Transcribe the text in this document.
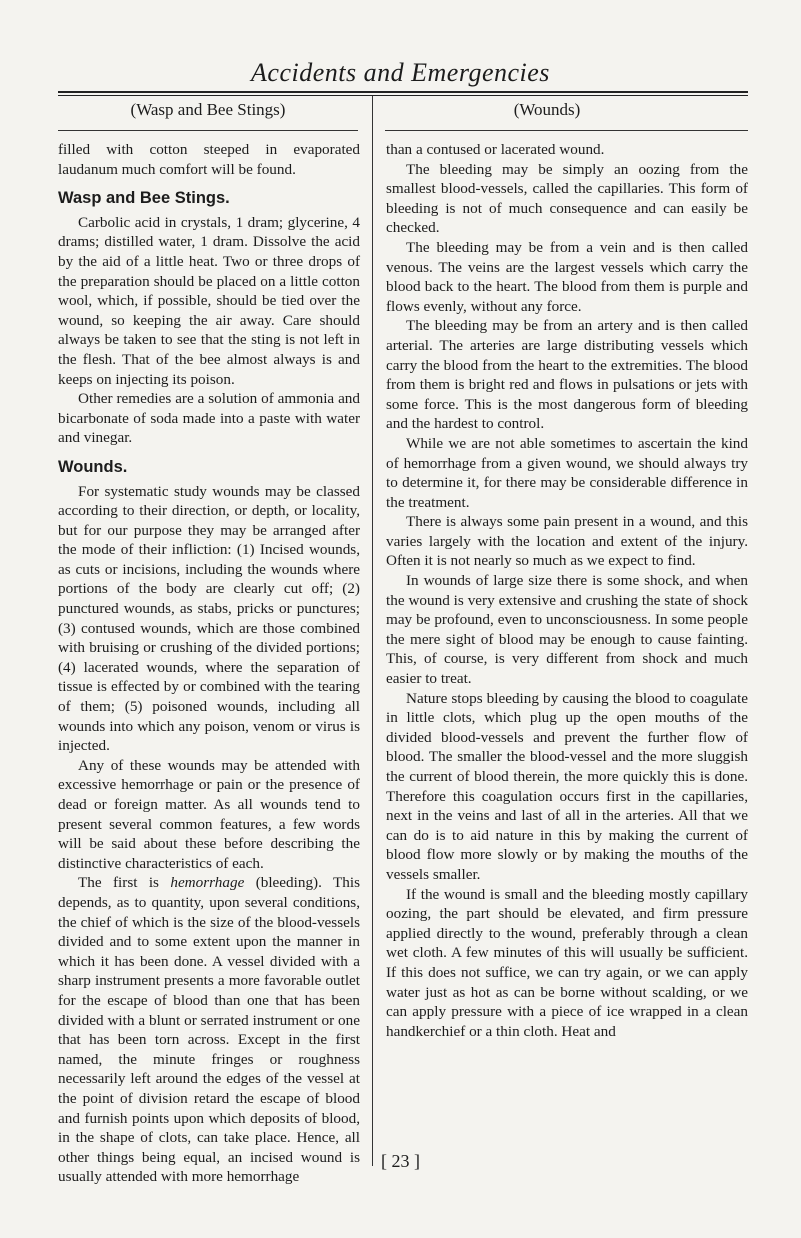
Accidents and Emergencies
(Wasp and Bee Stings)	(Wounds)

filled with cotton steeped in evaporated laudanum much comfort will be found.

Wasp and Bee Stings.

Carbolic acid in crystals, 1 dram; glycerine, 4 drams; distilled water, 1 dram. Dissolve the acid by the aid of a little heat. Two or three drops of the preparation should be placed on a little cotton wool, which, if possible, should be tied over the wound, so keeping the air away. Care should always be taken to see that the sting is not left in the flesh. That of the bee almost always is and keeps on injecting its poison.

Other remedies are a solution of ammonia and bicarbonate of soda made into a paste with water and vinegar.

Wounds.

For systematic study wounds may be classed according to their direction, or depth, or locality, but for our purpose they may be arranged after the mode of their infliction: (1) Incised wounds, as cuts or incisions, including the wounds where portions of the body are clearly cut off; (2) punctured wounds, as stabs, pricks or punctures; (3) contused wounds, which are those combined with bruising or crushing of the divided portions; (4) lacerated wounds, where the separation of tissue is effected by or combined with the tearing of them; (5) poisoned wounds, including all wounds into which any poison, venom or virus is injected.

Any of these wounds may be attended with excessive hemorrhage or pain or the presence of dead or foreign matter. As all wounds tend to present several common features, a few words will be said about these before describing the distinctive characteristics of each.

The first is hemorrhage (bleeding). This depends, as to quantity, upon several conditions, the chief of which is the size of the blood-vessels divided and to some extent upon the manner in which it has been done. A vessel divided with a sharp instrument presents a more favorable outlet for the escape of blood than one that has been divided with a blunt or serrated instrument or one that has been torn across. Except in the first named, the minute fringes or roughness necessarily left around the edges of the vessel at the point of division retard the escape of blood and furnish points upon which deposits of blood, in the shape of clots, can take place. Hence, all other things being equal, an incised wound is usually attended with more hemorrhage

than a contused or lacerated wound.

The bleeding may be simply an oozing from the smallest blood-vessels, called the capillaries. This form of bleeding is not of much consequence and can easily be checked.

The bleeding may be from a vein and is then called venous. The veins are the largest vessels which carry the blood back to the heart. The blood from them is purple and flows evenly, without any force.

The bleeding may be from an artery and is then called arterial. The arteries are large distributing vessels which carry the blood from the heart to the extremities. The blood from them is bright red and flows in pulsations or jets with some force. This is the most dangerous form of bleeding and the hardest to control.

While we are not able sometimes to ascertain the kind of hemorrhage from a given wound, we should always try to determine it, for there may be considerable difference in the treatment.

There is always some pain present in a wound, and this varies largely with the location and extent of the injury. Often it is not nearly so much as we expect to find.

In wounds of large size there is some shock, and when the wound is very extensive and crushing the state of shock may be profound, even to unconsciousness. In some people the mere sight of blood may be enough to cause fainting. This, of course, is very different from shock and much easier to treat.

Nature stops bleeding by causing the blood to coagulate in little clots, which plug up the open mouths of the divided blood-vessels and prevent the further flow of blood. The smaller the blood-vessel and the more sluggish the current of blood therein, the more quickly this is done. Therefore this coagulation occurs first in the capillaries, next in the veins and last of all in the arteries. All that we can do is to aid nature in this by making the current of blood flow more slowly or by making the mouths of the vessels smaller.

If the wound is small and the bleeding mostly capillary oozing, the part should be elevated, and firm pressure applied directly to the wound, preferably through a clean wet cloth. A few minutes of this will usually be sufficient. If this does not suffice, we can try again, or we can apply water just as hot as can be borne without scalding, or we can apply pressure with a piece of ice wrapped in a clean handkerchief or a thin cloth. Heat and

[ 23 ]
